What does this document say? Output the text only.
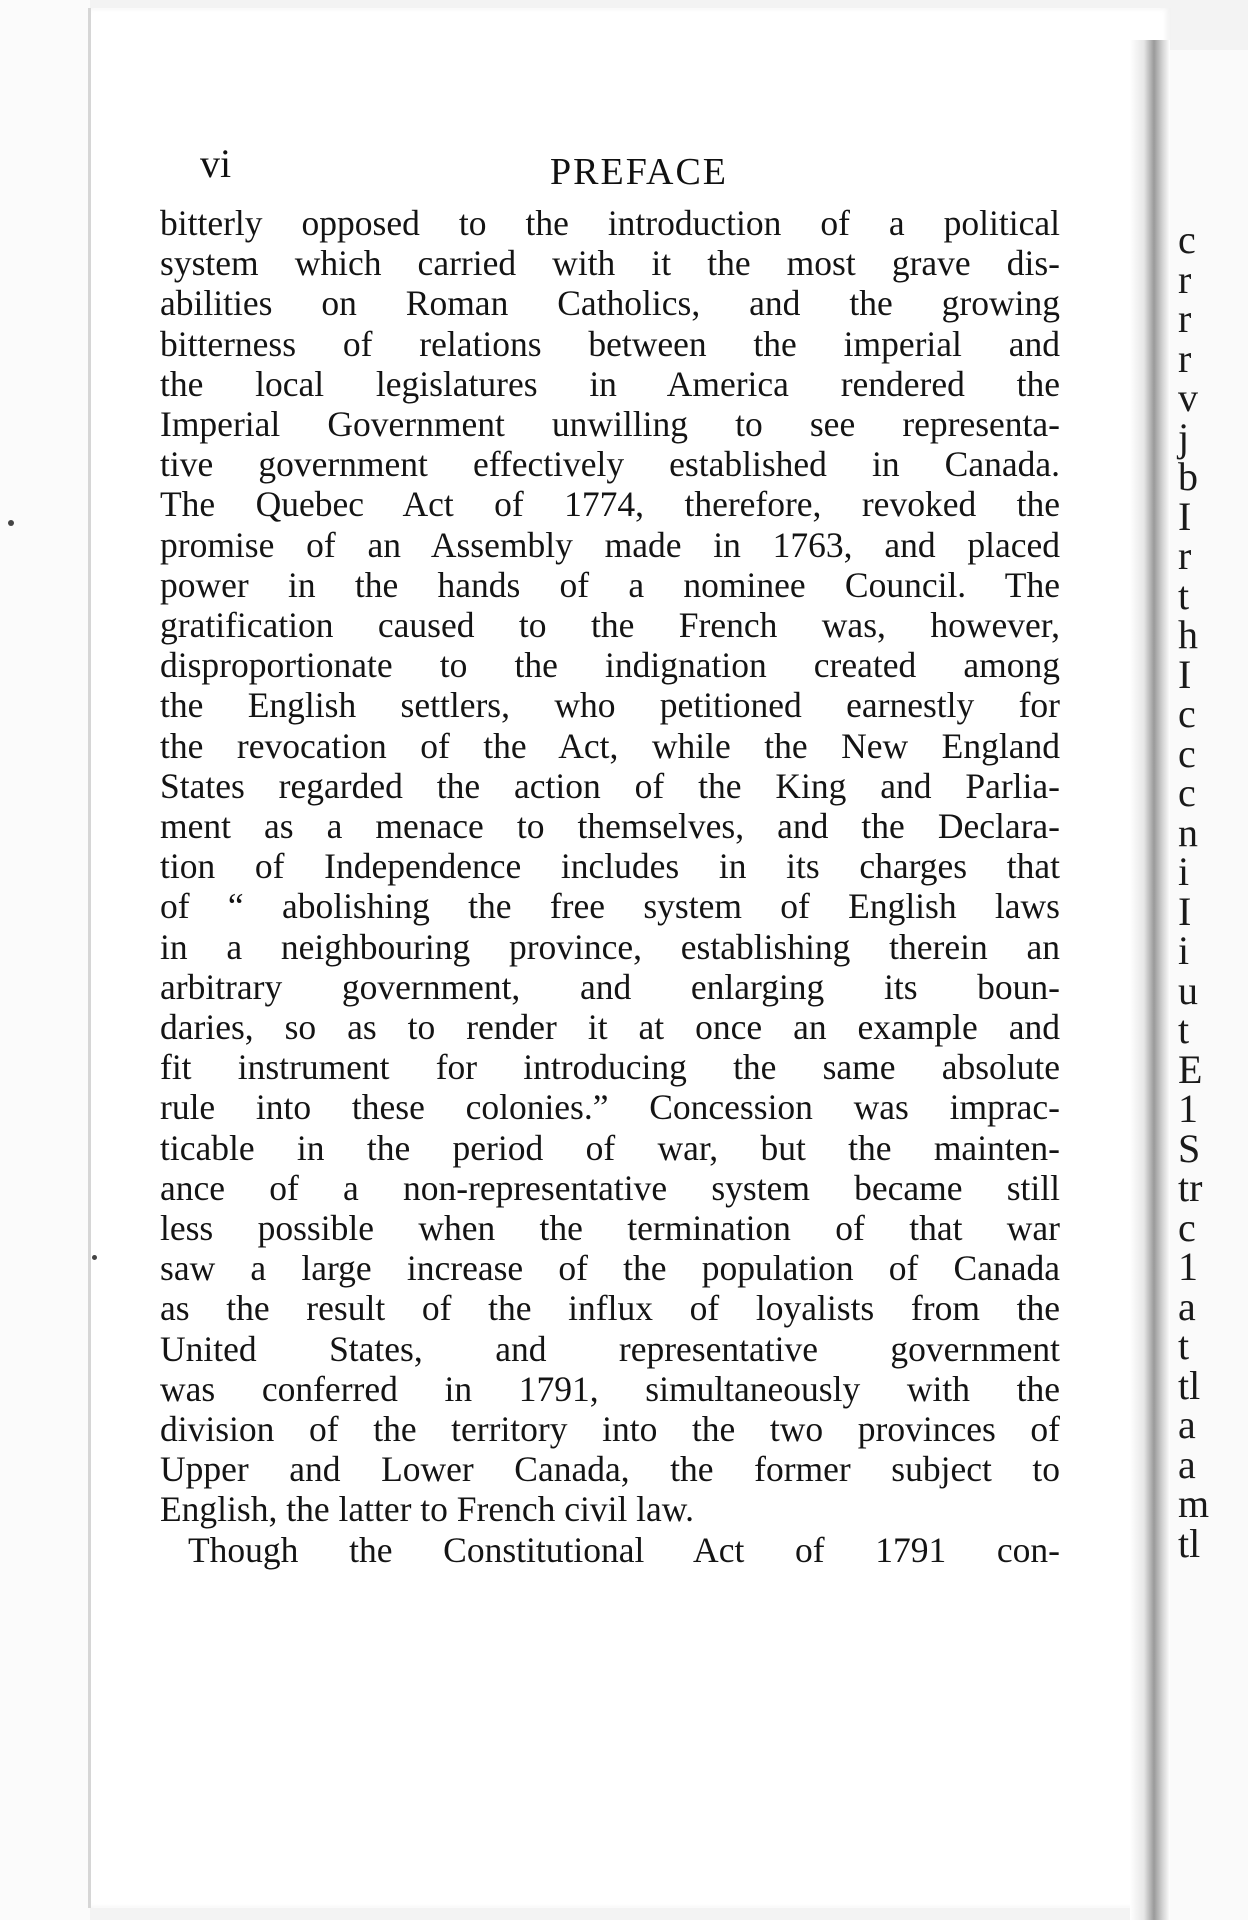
c
r
r
r
v
j
b
I
r
t
h
I
c
c
c
n
i
I
i
u
t
E
1
S
tr
c
1
a
t
tl
a
a
m
tl
vi	PREFACE
bitterly opposed to the introduction of a political
system which carried with it the most grave dis-
abilities on Roman Catholics, and the growing
bitterness of relations between the imperial and
the local legislatures in America rendered the
Imperial Government unwilling to see representa-
tive government effectively established in Canada.
The Quebec Act of 1774, therefore, revoked the
promise of an Assembly made in 1763, and placed
power in the hands of a nominee Council. The
gratification caused to the French was, however,
disproportionate to the indignation created among
the English settlers, who petitioned earnestly for
the revocation of the Act, while the New England
States regarded the action of the King and Parlia-
ment as a menace to themselves, and the Declara-
tion of Independence includes in its charges that
of “ abolishing the free system of English laws
in a neighbouring province, establishing therein an
arbitrary government, and enlarging its boun-
daries, so as to render it at once an example and
fit instrument for introducing the same absolute
rule into these colonies.” Concession was imprac-
ticable in the period of war, but the mainten-
ance of a non-representative system became still
less possible when the termination of that war
saw a large increase of the population of Canada
as the result of the influx of loyalists from the
United States, and representative government
was conferred in 1791, simultaneously with the
division of the territory into the two provinces of
Upper and Lower Canada, the former subject to
English, the latter to French civil law.
Though the Constitutional Act of 1791 con-
